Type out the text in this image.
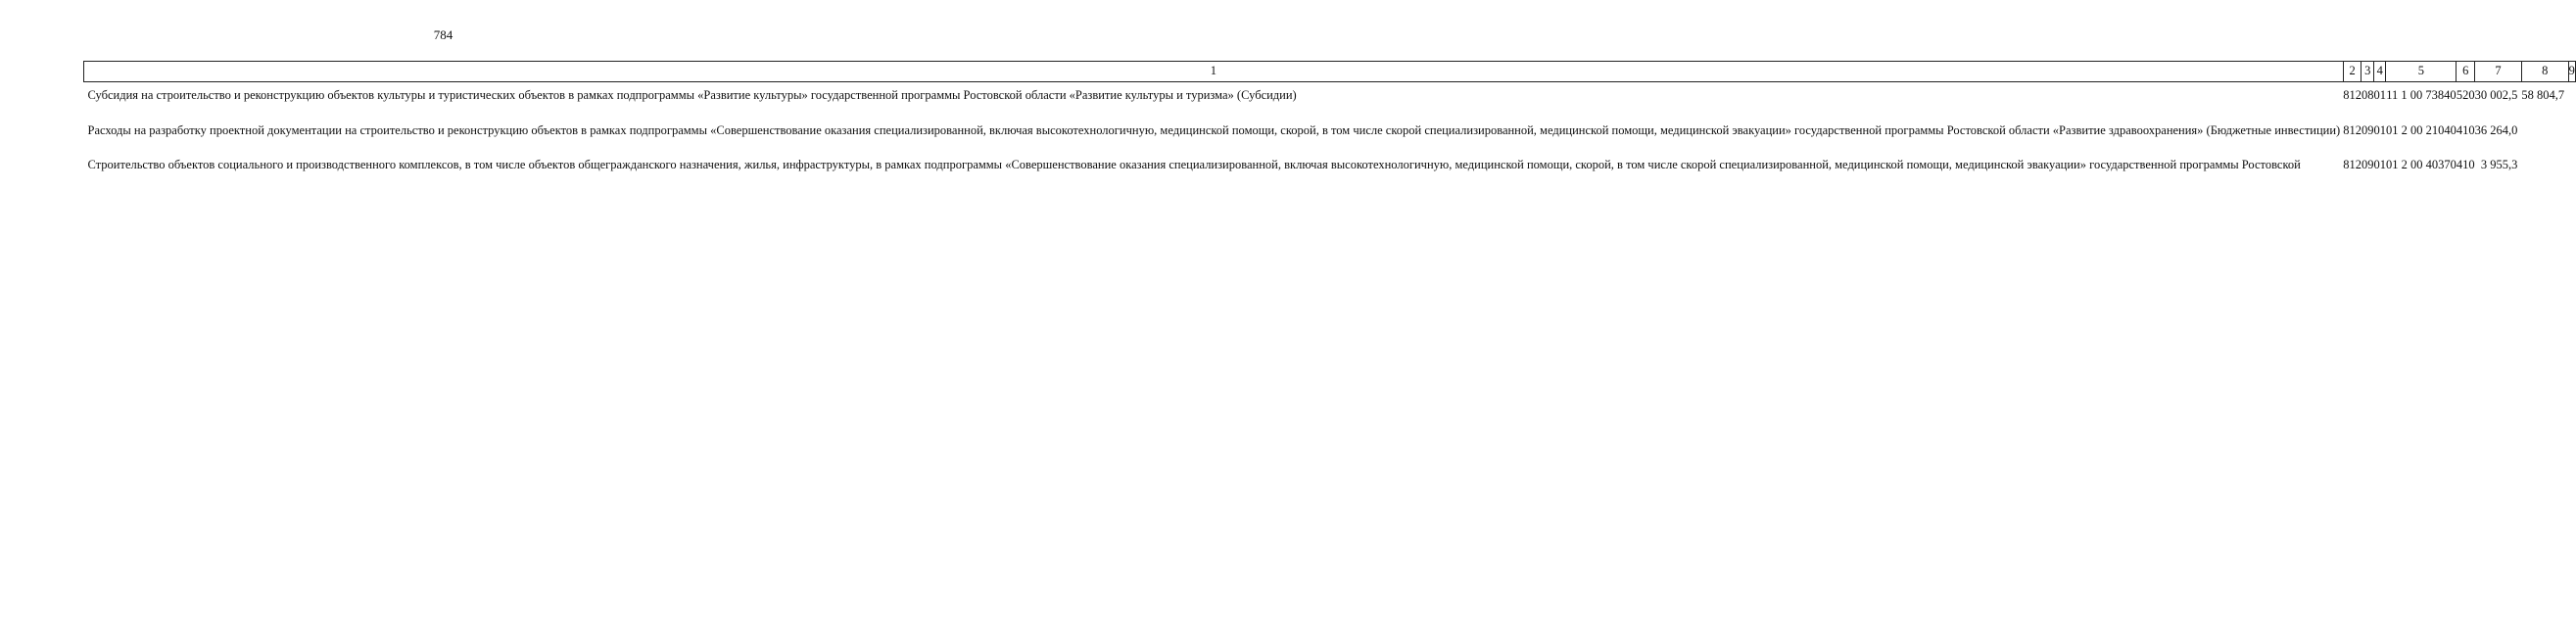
784
1	2	3	4	5	6	7	8	9
Субсидия на строительство и реконструкцию объектов культуры и туристических объектов в рамках подпрограммы «Развитие культуры» государственной программы Ростовской области «Развитие культуры и туризма» (Субсидии)	812	08	01	11 1 00 73840	520	30 002,5	58 804,7	
Расходы на разработку проектной документации на строительство и реконструкцию объектов в рамках подпрограммы «Совершенствование оказания специализированной, включая высокотехнологичную, медицинской помощи, скорой, в том числе скорой специализированной, медицинской помощи, медицинской эвакуации» государственной программы Ростовской области «Развитие здравоохранения» (Бюджетные инвестиции)	812	09	01	01 2 00 21040	410	36 264,0		
Строительство объектов социального и производственного комплексов, в том числе объектов общегражданского назначения, жилья, инфраструктуры, в рамках подпрограммы «Совершенствование оказания специализированной, включая высокотехнологичную, медицинской помощи, скорой, в том числе скорой специализированной, медицинской помощи, медицинской эвакуации» государственной программы Ростовской	812	09	01	01 2 00 40370	410	3 955,3		
